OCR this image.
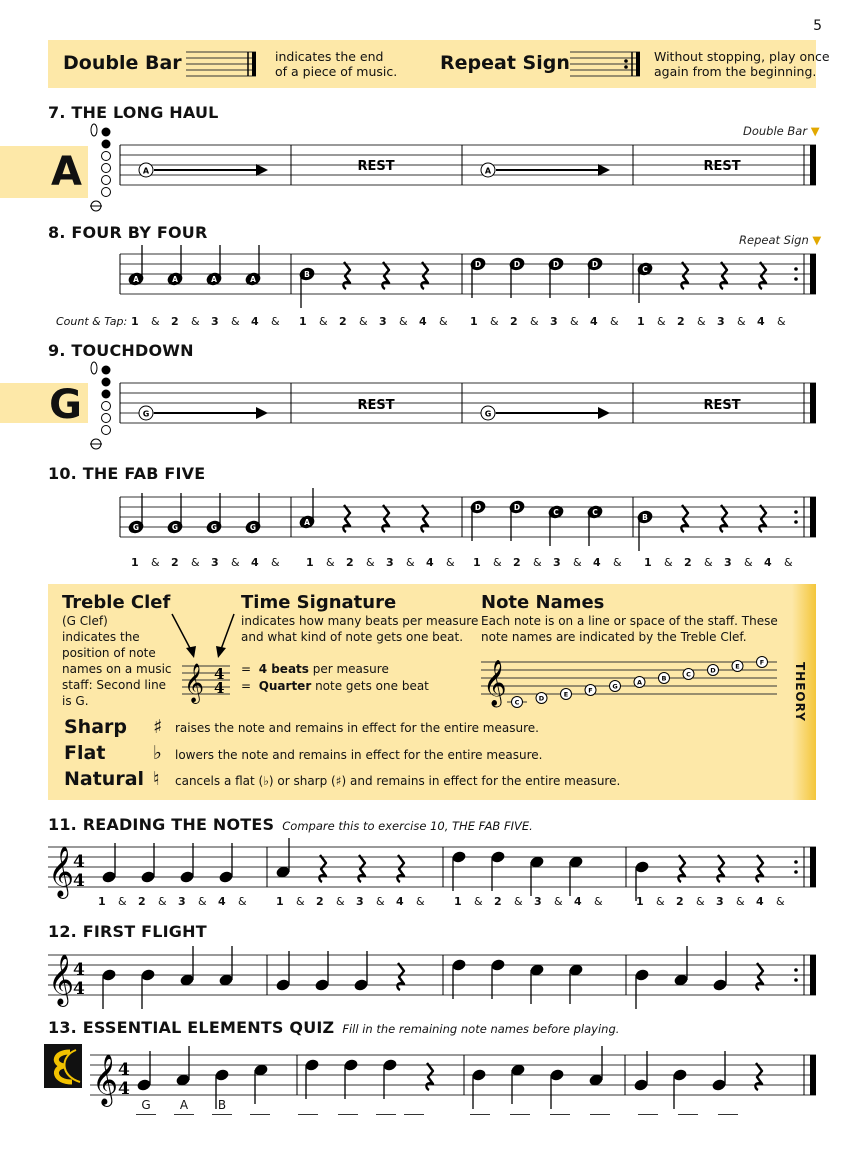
5
Double Bar	indicates the end
of a piece of music. Repeat Sign	Without stopping, play once
again from the beginning.
7. THE LONG HAUL
Double Bar ▼
A	A	REST	A	REST
8. FOUR BY FOUR	Repeat Sign ▼
A	A	A	A
B
D	D	D	D
C
Count & Tap: 1 & 2 & 3 & 4 & 1 & 2 & 3 & 4 & 1 & 2 & 3 & 4 & 1 & 2 & 3 & 4 &
9. TOUCHDOWN
G	G
REST
G
REST
10. THE FAB FIVE
G	G	G	G
A
D	D
C	C
B
1 & 2 & 3 & 4 & 1 & 2 & 3 & 4 & 1 & 2 & 3 & 4 & 1 & 2 & 3 & 4 &
THEORY
Treble Clef
(G Clef)
indicates the
position of note
names on a music
staff: Second line
is G.	𝄞 4
4
Time Signature
indicates how many beats per measure
and what kind of note gets one beat.
=  4 beats per measure
=  Quarter note gets one beat
Note Names
Each note is on a line or space of the staff. These
note names are indicated by the Treble Clef.
𝄞 C	D	E	F	G	A	B	C	D	E	F
Sharp ♯ raises the note and remains in effect for the entire measure.
Flat	♭ lowers the note and remains in effect for the entire measure.
Natural ♮ cancels a flat (♭) or sharp (♯) and remains in effect for the entire measure.
11. READING THE NOTES Compare this to exercise 10, THE FAB FIVE.
𝄞
4
4
1 & 2 & 3 & 4 &	1 & 2 & 3 & 4 &	1 & 2 & 3 & 4 &	1 & 2 & 3 & 4 &
12. FIRST FLIGHT
𝄞
4
4
13. ESSENTIAL ELEMENTS QUIZ Fill in the remaining note names before playing.
𝄞 4
4
G	A	B
